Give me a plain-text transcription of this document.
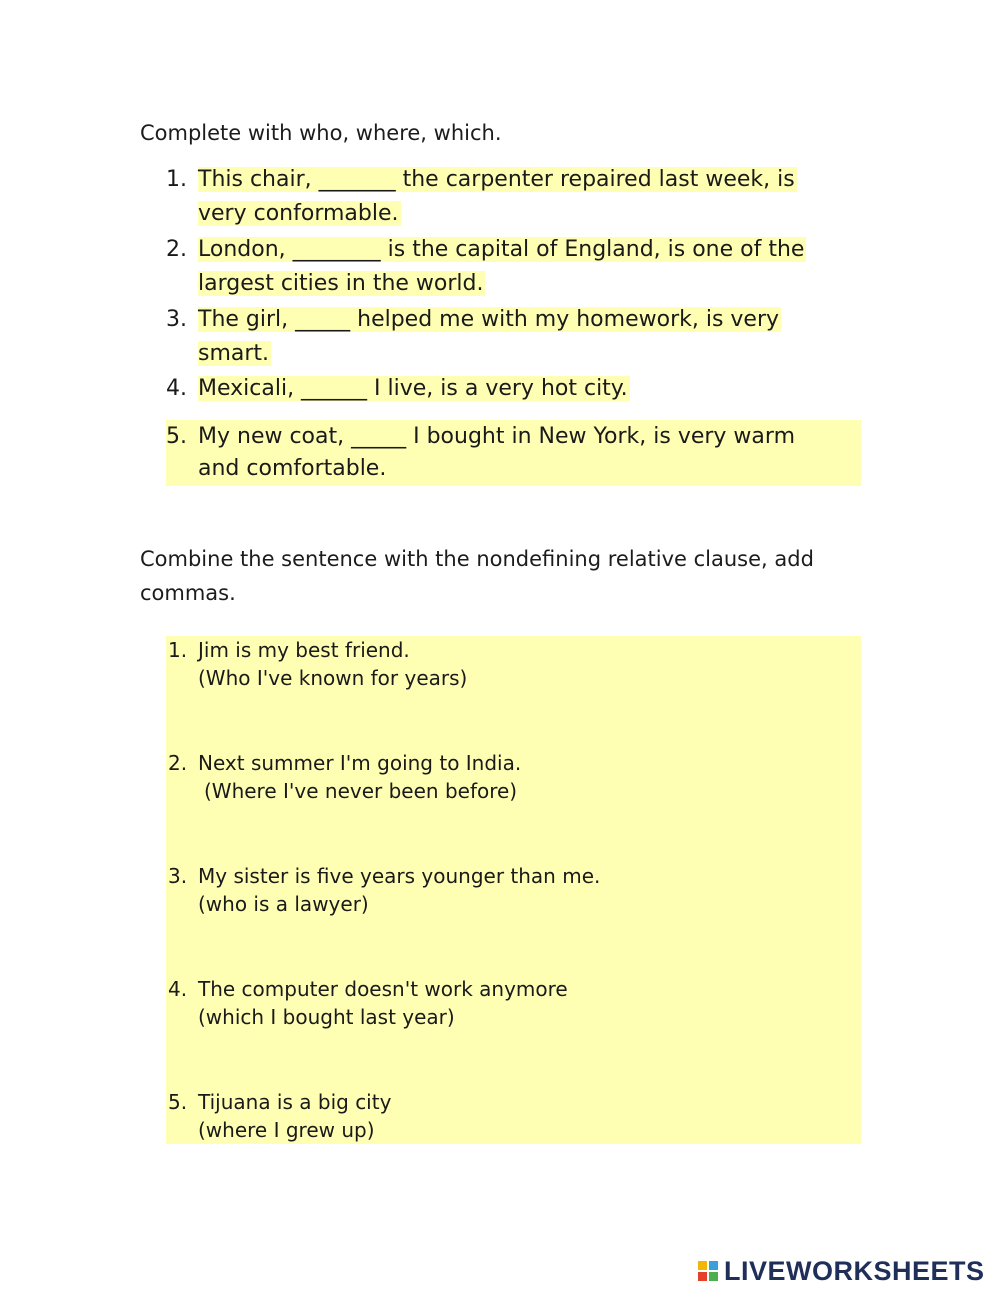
Complete with who, where, which.
1. This chair, _______ the carpenter repaired last week, is
very conformable.
2. London, ________ is the capital of England, is one of the
largest cities in the world.
3. The girl, _____ helped me with my homework, is very
smart.
4. Mexicali, ______ I live, is a very hot city.
5. My new coat, _____ I bought in New York, is very warm
and comfortable.
Combine the sentence with the nondefining relative clause, add commas.
1. Jim is my best friend.
(Who I've known for years)
2. Next summer I'm going to India.
(Where I've never been before)
3. My sister is five years younger than me.
(who is a lawyer)
4. The computer doesn't work anymore
(which I bought last year)
5. Tijuana is a big city
(where I grew up)
LIVEWORKSHEETS
